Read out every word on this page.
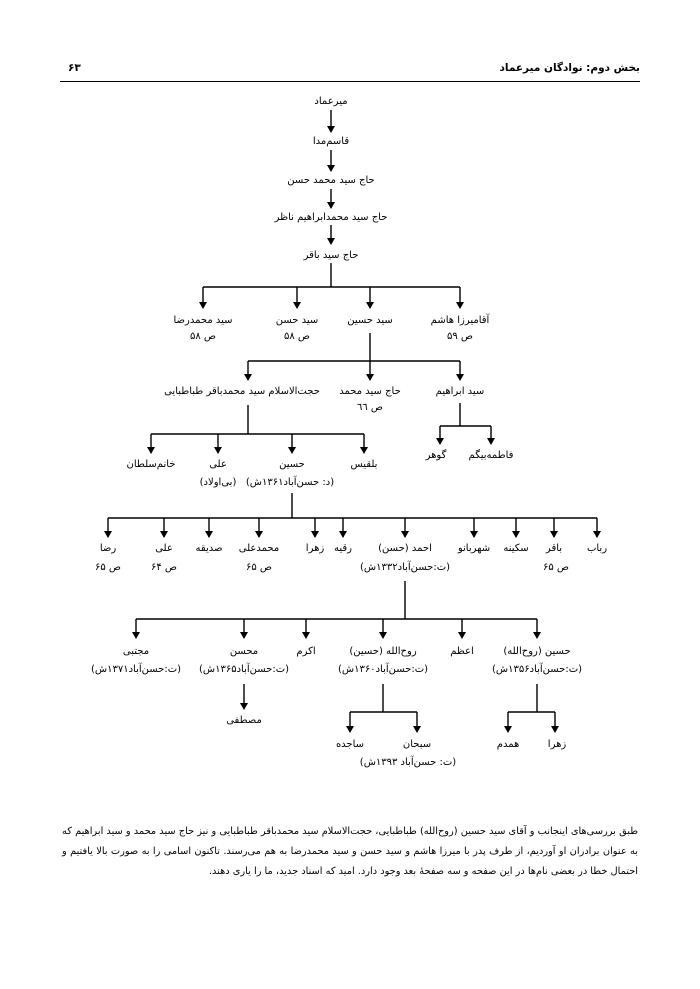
بخش دوم: نوادگان میرعماد
۶۳
میرعماد
قاسم‌مدا
حاج سید محمد حسن
حاج سید محمدابراهیم ناظر
حاج سید باقر
سید محمدرضا
ص ۵۸
سید حسن
ص ۵۸
سید حسین	آقامیرزا هاشم
ص ۵۹
حجت‌الاسلام سید محمدباقر طباطبایی حاج سید محمد
ص ٦٦
سید ابراهیم
فاطمه‌بیگم
گوهر
خانم‌سلطان	علی
(بی‌اولاد)
حسین
(د: حسن‌آباد۱۳۶۱ش)
بلقیس
رضا
ص ۶۵
علی
ص ۶۴
صدیقه محمدعلی
ص ۶۵
زهرا رقیه	احمد (حسن)
(ت:حسن‌آباد۱۳۳۲ش)
شهربانو سکینه باقر
ص ۶۵
رباب
مجتبی
(ت:حسن‌آباد۱۳۷۱ش)
محسن
(ت:حسن‌آباد۱۳۶۵ش)
اکرم	روح‌الله (حسین)
(ت:حسن‌آباد۱۳۶۰ش)
اعظم	حسین (روح‌الله)
(ت:حسن‌آباد۱۳۵۶ش)
مصطفی
ساجده	سبحان
(ت: حسن‌آباد ۱۳۹۳ش)
همدم	زهرا
طبق بررسی‌های اینجانب و آقای سید حسین (روح‌الله) طباطبایی، حجت‌الاسلام سید محمدباقر طباطبایی و نیز حاج سید محمد و سید ابراهیم که به عنوان برادران او آوردیم، از طرف پدر با میرزا هاشم و سید حسن و سید محمدرضا به هم می‌رسند. تاکنون اسامی را به صورت بالا یافتیم و احتمال خطا در بعضی نام‌ها در این صفحه و سه صفحهٔ بعد وجود دارد. امید که اسناد جدید، ما را یاری دهند.
